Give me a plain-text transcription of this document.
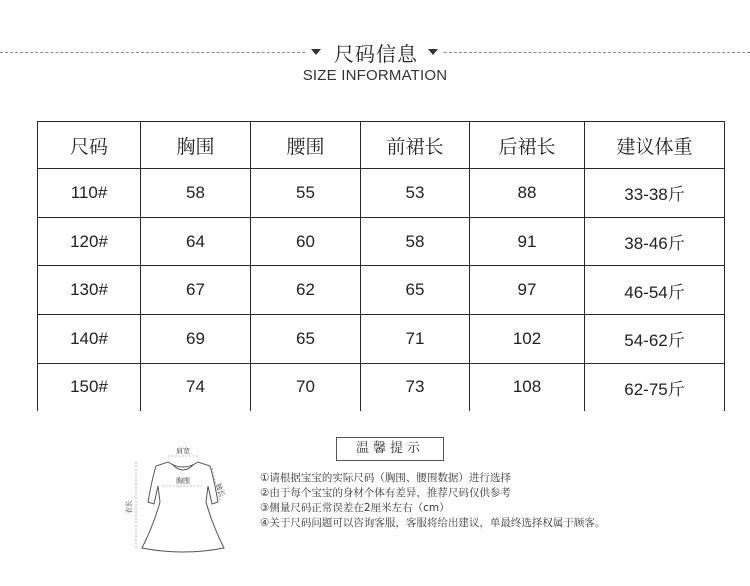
尺码信息
SIZE INFORMATION
尺码	胸围	腰围	前裙长	后裙长	建议体重
110#	58	55	53	88	33-38斤
120#	64	60	58	91	38-46斤
130#	67	62	65	97	46-54斤
140#	69	65	71	102	54-62斤
150#	74	70	73	108	62-75斤
肩宽
胸围
袖长
衣长
温馨提示
①请根据宝宝的实际尺码（胸围、腰围数据）进行选择
②由于每个宝宝的身材个体有差异，推荐尺码仅供参考
③侧量尺码正常误差在2厘米左右（cm）
④关于尺码问题可以咨询客服，客服将给出建议，单最终选择权属于顾客。
